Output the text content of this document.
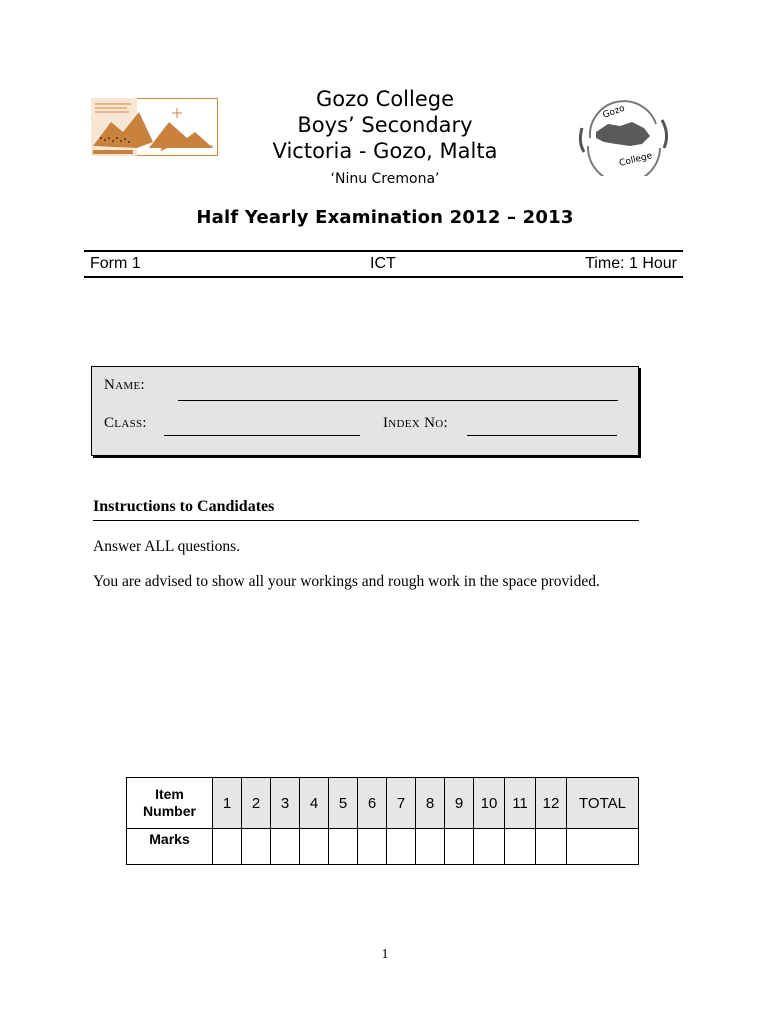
Gozo College
Boys’ Secondary
Victoria - Gozo, Malta
‘Ninu Cremona’
Gozo
College
Half Yearly Examination 2012 – 2013
Form 1	ICT	Time: 1 Hour
Name:
Class:	Index No:
Instructions to Candidates
Answer ALL questions.
You are advised to show all your workings and rough work in the space provided.
Item
Number	1	2	3	4	5	6	7	8	9	10	11	12	TOTAL
Marks													
1
